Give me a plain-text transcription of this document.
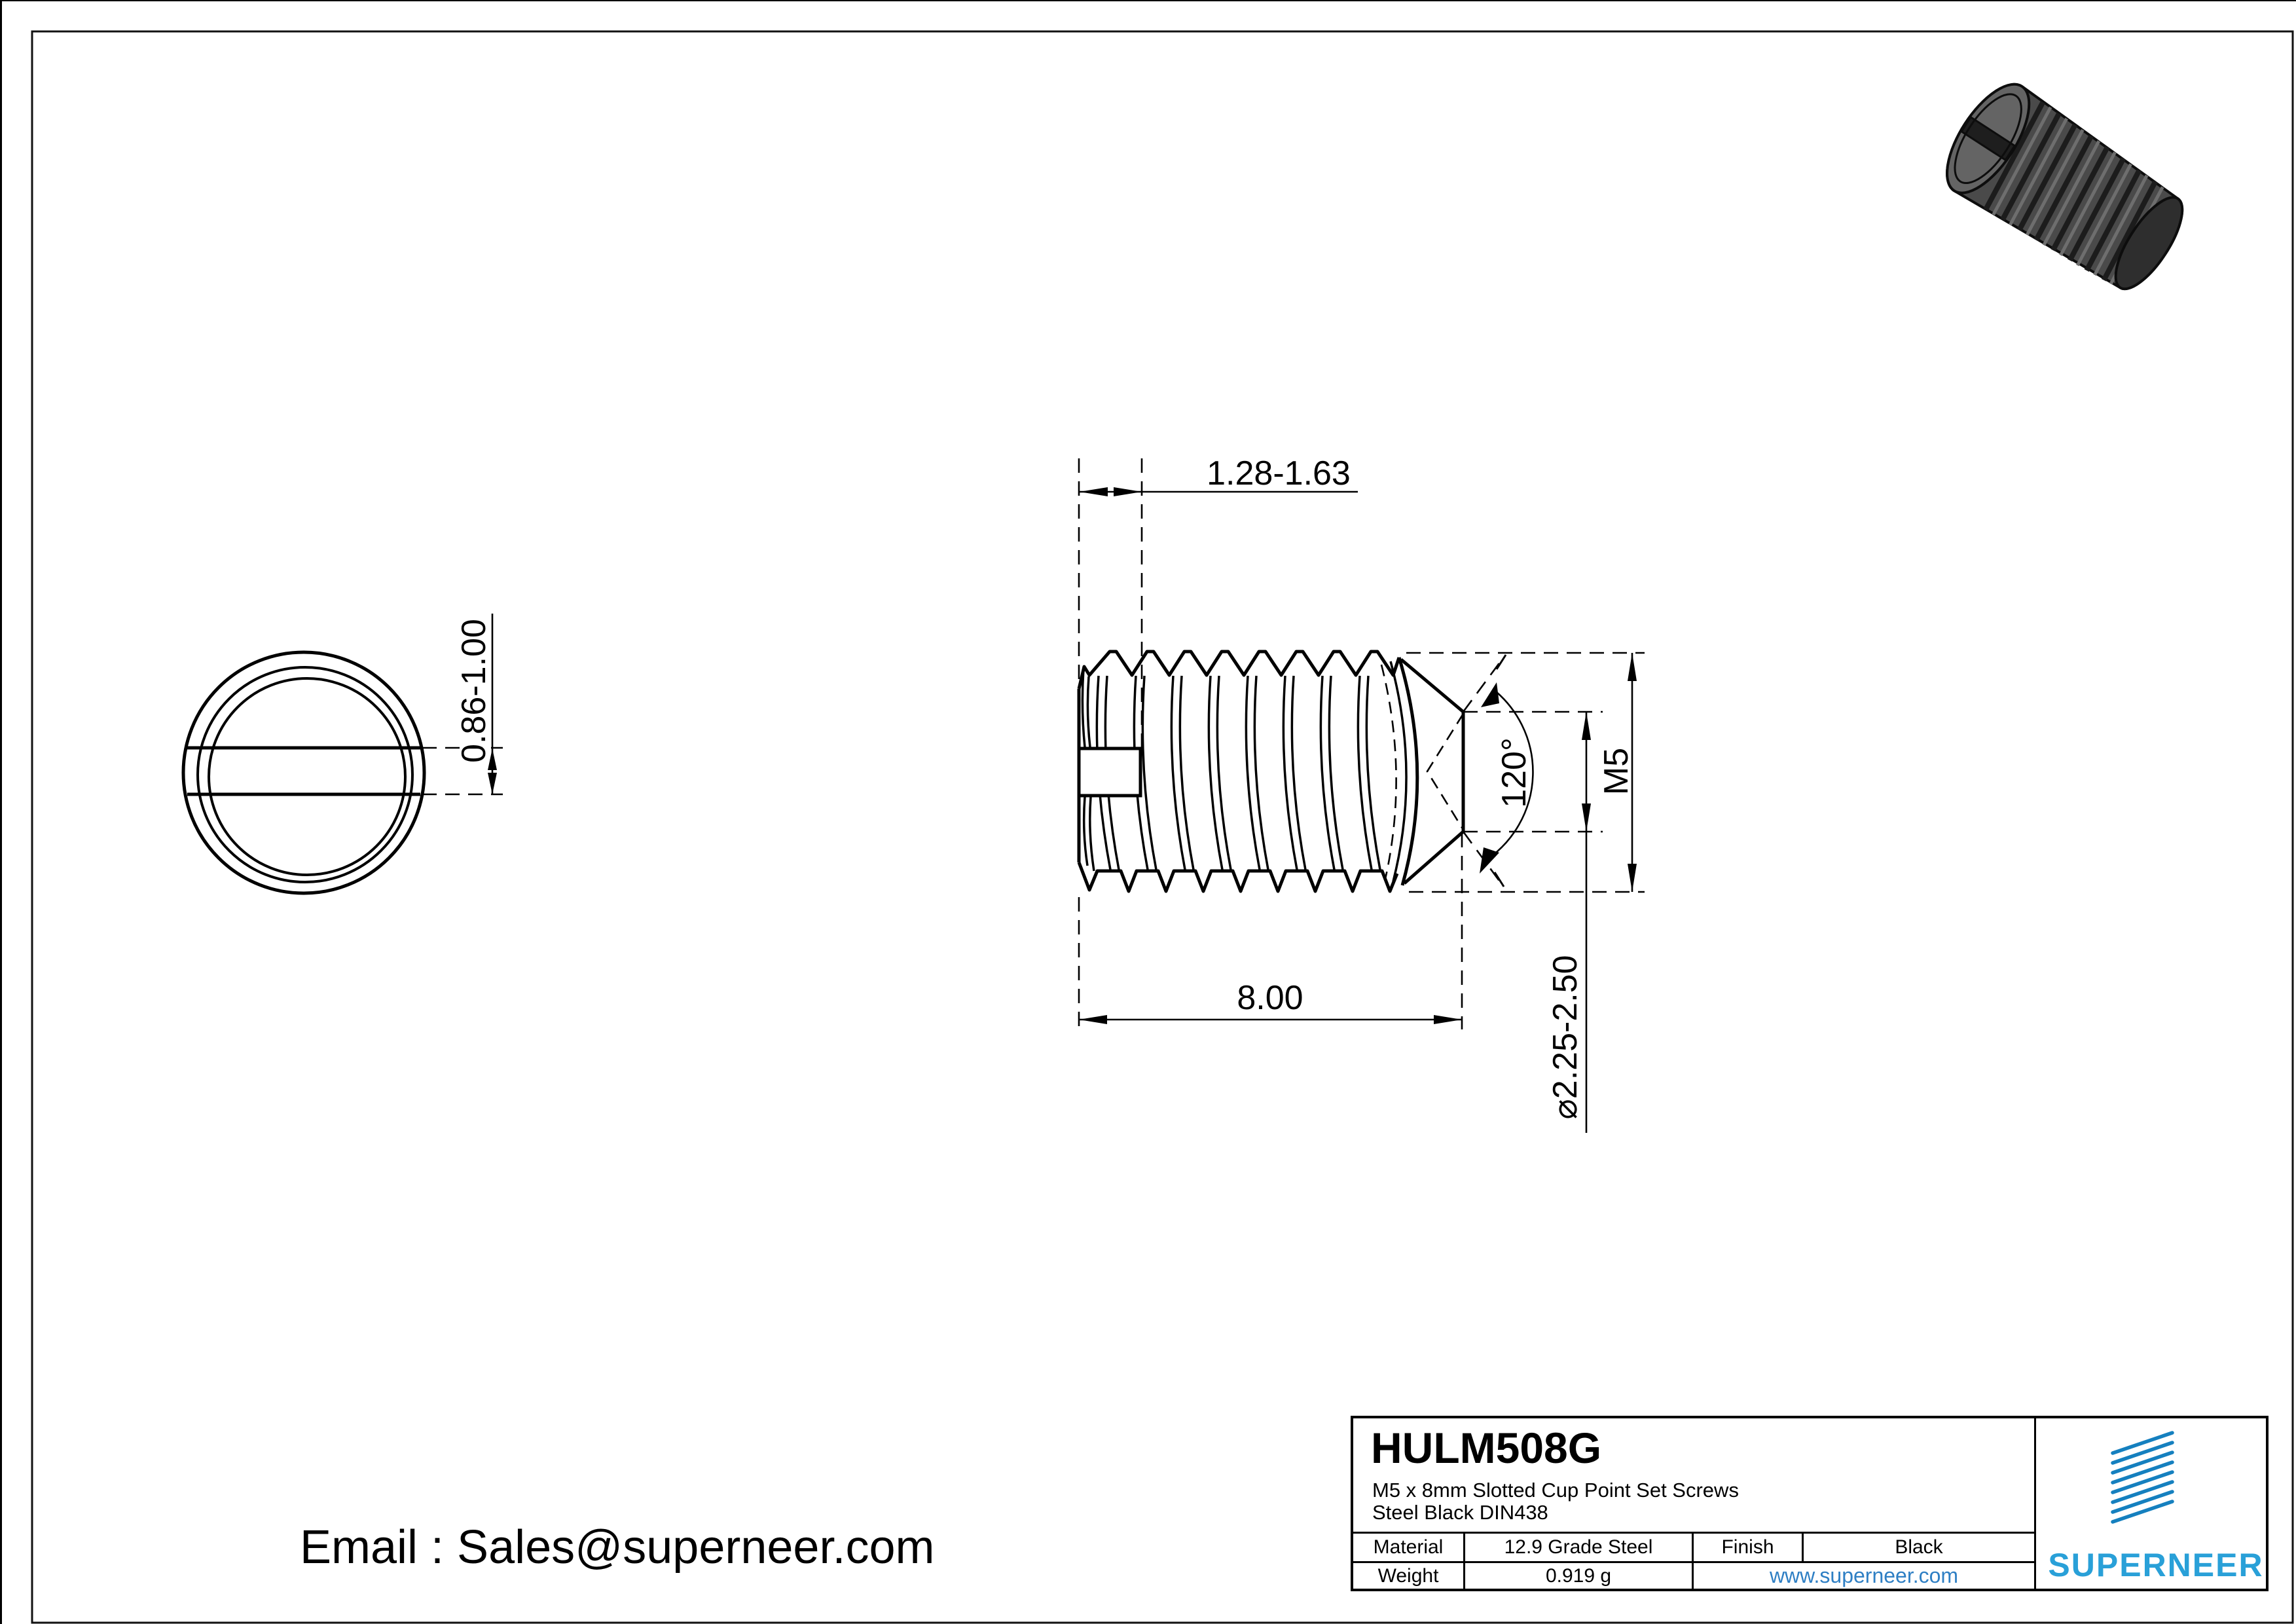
0.86-1.00
1.28-1.63
8.00
M5
⌀2.25-2.50
120°
SUPERNEER
HULM508G
M5 x 8mm Slotted Cup Point Set Screws
Steel Black DIN438
Material	12.9 Grade Steel	Finish	Black
Weight	0.919 g	www.superneer.com
Email : Sales@superneer.com
